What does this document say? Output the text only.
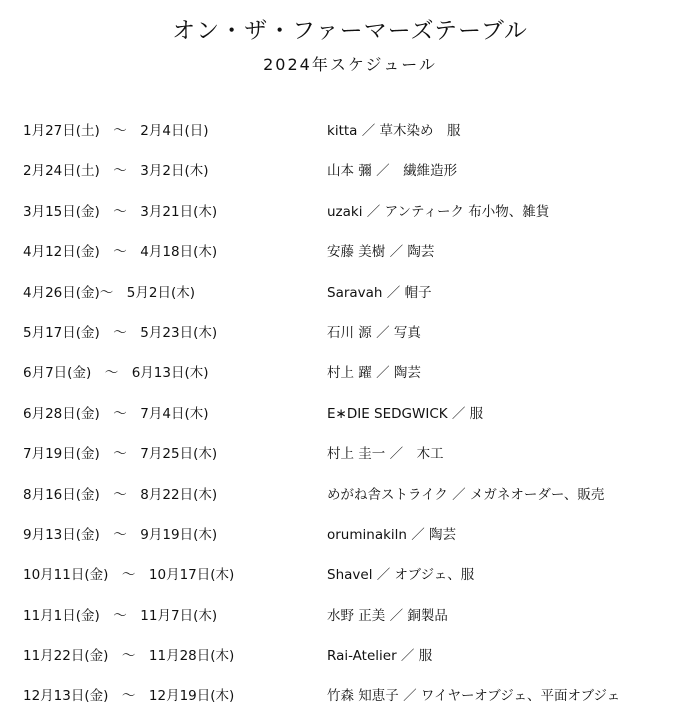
オン・ザ・ファーマーズテーブル
2024年スケジュール
1月27日(土)　～　2月4日(日)	kitta ／ 草木染め　服
2月24日(土)　～　3月2日(木)	山本 彌 ／　繊維造形
3月15日(金)　～　3月21日(木)	uzaki ／ アンティーク 布小物、雑貨
4月12日(金)　～　4月18日(木)	安藤 美樹 ／ 陶芸
4月26日(金)～　5月2日(木)	Saravah ／ 帽子
5月17日(金)　～　5月23日(木)	石川 源 ／ 写真
6月7日(金)　～　6月13日(木)	村上 躍 ／ 陶芸
6月28日(金)　～　7月4日(木)	E∗DIE SEDGWICK ／ 服
7月19日(金)　～　7月25日(木)	村上 圭一 ／　木工
8月16日(金)　～　8月22日(木)	めがね舎ストライク ／ メガネオーダー、販売
9月13日(金)　～　9月19日(木)	oruminakiln ／ 陶芸
10月11日(金)　～　10月17日(木)	Shavel ／ オブジェ、服
11月1日(金)　～　11月7日(木)	水野 正美 ／ 銅製品
11月22日(金)　～　11月28日(木)	Rai-Atelier ／ 服
12月13日(金)　～　12月19日(木)	竹森 知恵子 ／ ワイヤーオブジェ、平面オブジェ
